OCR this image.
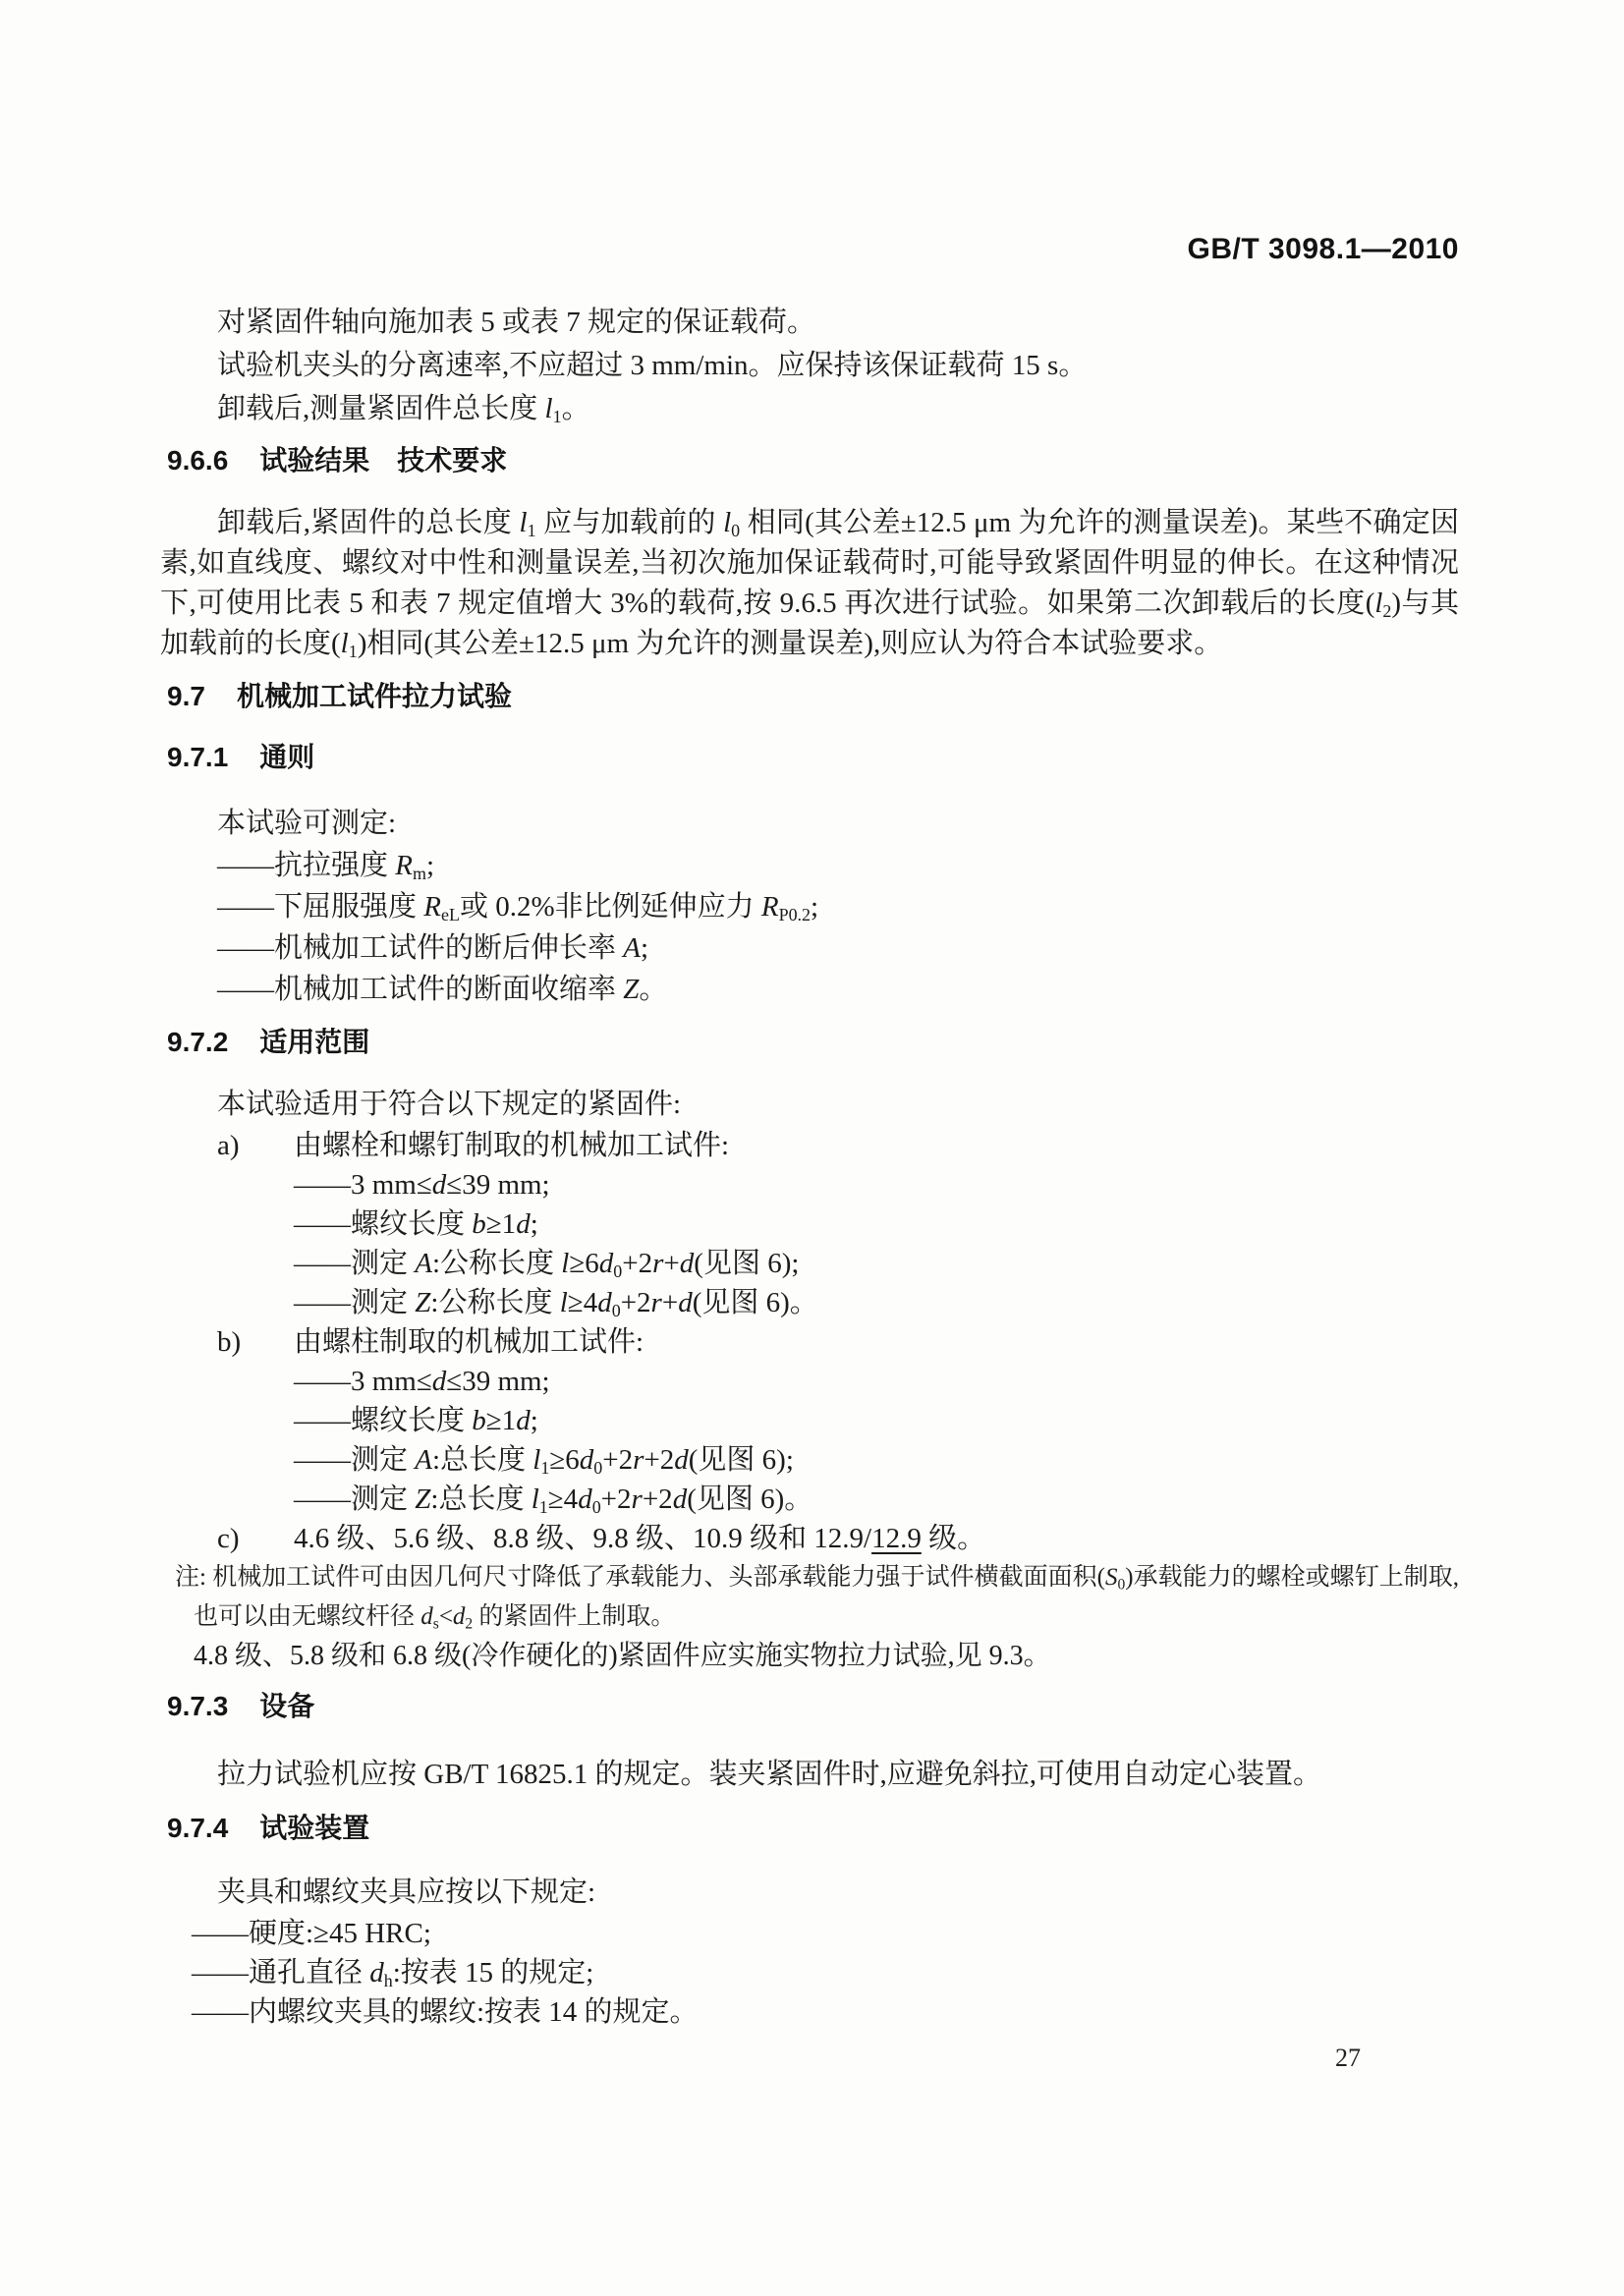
GB/T 3098.1—2010

对紧固件轴向施加表 5 或表 7 规定的保证载荷。

试验机夹头的分离速率,不应超过 3 mm/min。应保持该保证载荷 15 s。

卸载后,测量紧固件总长度 $l_1$。

9.6.6 试验结果　技术要求

卸载后,紧固件的总长度 $l_1$ 应与加载前的 $l_0$ 相同(其公差±12.5 μm 为允许的测量误差)。某些不确定因素,如直线度、螺纹对中性和测量误差,当初次施加保证载荷时,可能导致紧固件明显的伸长。在这种情况下,可使用比表 5 和表 7 规定值增大 3%的载荷,按 9.6.5 再次进行试验。如果第二次卸载后的长度$(l_2)$与其加载前的长度$(l_1)$相同(其公差±12.5 μm 为允许的测量误差),则应认为符合本试验要求。

9.7 机械加工试件拉力试验
9.7.1 通则

本试验可测定:

——抗拉强度 $R_m$;
——下屈服强度 $R_{eL}$或 0.2%非比例延伸应力 $R_{P0.2}$;
——机械加工试件的断后伸长率 A;
——机械加工试件的断面收缩率 Z。
9.7.2 适用范围

本试验适用于符合以下规定的紧固件:

a)	由螺栓和螺钉制取的机械加工试件:
——3 mm≤d≤39 mm;
——螺纹长度 b≥1d;
——测定 A:公称长度 $l\ge 6d_0+2r+d$(见图 6);
——测定 Z:公称长度 $l\ge 4d_0+2r+d$(见图 6)。
b)	由螺柱制取的机械加工试件:
——3 mm≤d≤39 mm;
——螺纹长度 b≥1d;
——测定 A:总长度 $l_1\ge 6d_0+2r+2d$(见图 6);
——测定 Z:总长度 $l_1\ge 4d_0+2r+2d$(见图 6)。
c)	4.6 级、5.6 级、8.8 级、9.8 级、10.9 级和 12.9/12.9 级。
注: 机械加工试件可由因几何尺寸降低了承载能力、头部承载能力强于试件横截面面积$(S_0)$承载能力的螺栓或螺钉上制取,也可以由无螺纹杆径 $d_s<d_2$ 的紧固件上制取。
4.8 级、5.8 级和 6.8 级(冷作硬化的)紧固件应实施实物拉力试验,见 9.3。
9.7.3 设备

拉力试验机应按 GB/T 16825.1 的规定。装夹紧固件时,应避免斜拉,可使用自动定心装置。

9.7.4 试验装置

夹具和螺纹夹具应按以下规定:

——硬度:≥45 HRC;
——通孔直径 $d_h$:按表 15 的规定;
——内螺纹夹具的螺纹:按表 14 的规定。
27
